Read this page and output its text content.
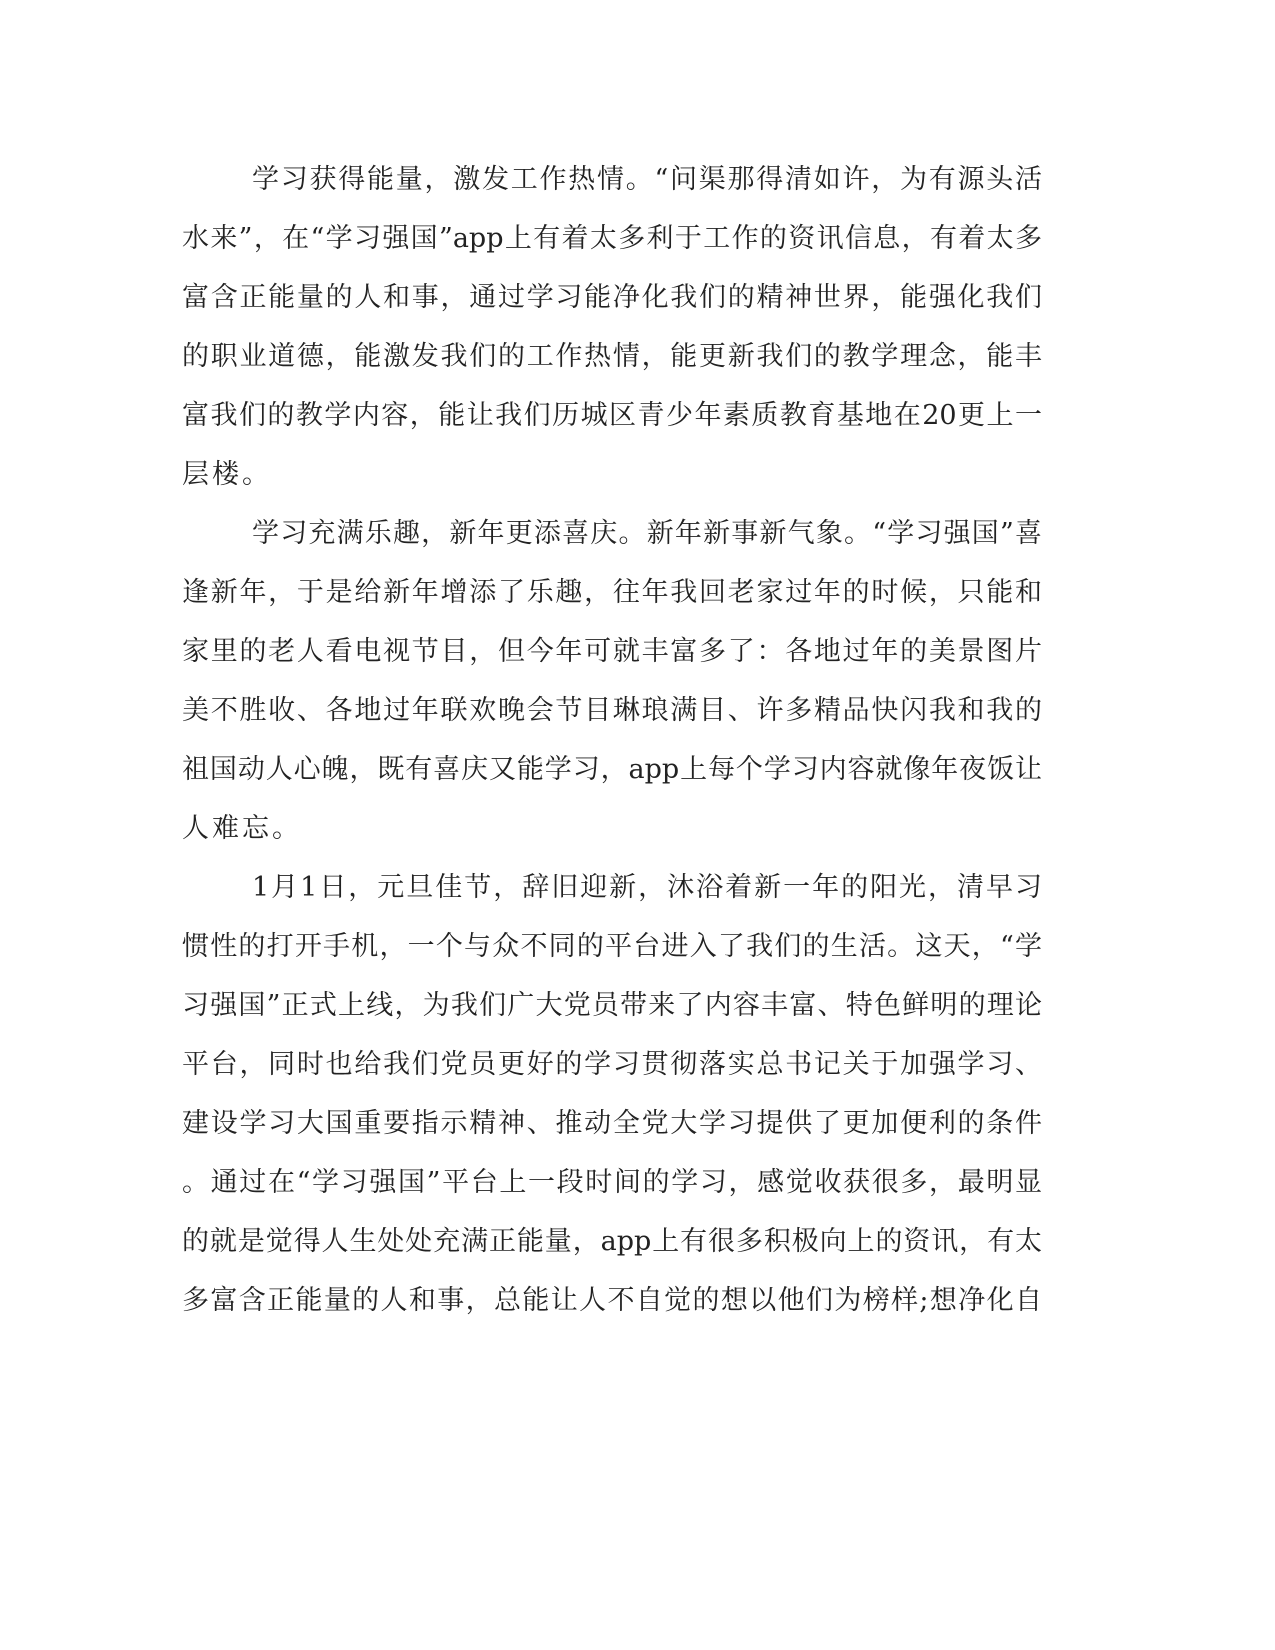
学习获得能量，激发工作热情。“问渠那得清如许，为有源头活
水来”，在“学习强国”app上有着太多利于工作的资讯信息，有着太多
富含正能量的人和事，通过学习能净化我们的精神世界，能强化我们
的职业道德，能激发我们的工作热情，能更新我们的教学理念，能丰
富我们的教学内容，能让我们历城区青少年素质教育基地在20更上一
层楼。
学习充满乐趣，新年更添喜庆。新年新事新气象。“学习强国”喜
逢新年，于是给新年增添了乐趣，往年我回老家过年的时候，只能和
家里的老人看电视节目，但今年可就丰富多了：各地过年的美景图片
美不胜收、各地过年联欢晚会节目琳琅满目、许多精品快闪我和我的
祖国动人心魄，既有喜庆又能学习，app上每个学习内容就像年夜饭让
人难忘。
1月1日，元旦佳节，辞旧迎新，沐浴着新一年的阳光，清早习
惯性的打开手机，一个与众不同的平台进入了我们的生活。这天，“学
习强国”正式上线，为我们广大党员带来了内容丰富、特色鲜明的理论
平台，同时也给我们党员更好的学习贯彻落实总书记关于加强学习、
建设学习大国重要指示精神、推动全党大学习提供了更加便利的条件
。通过在“学习强国”平台上一段时间的学习，感觉收获很多，最明显
的就是觉得人生处处充满正能量，app上有很多积极向上的资讯，有太
多富含正能量的人和事，总能让人不自觉的想以他们为榜样;想净化自
